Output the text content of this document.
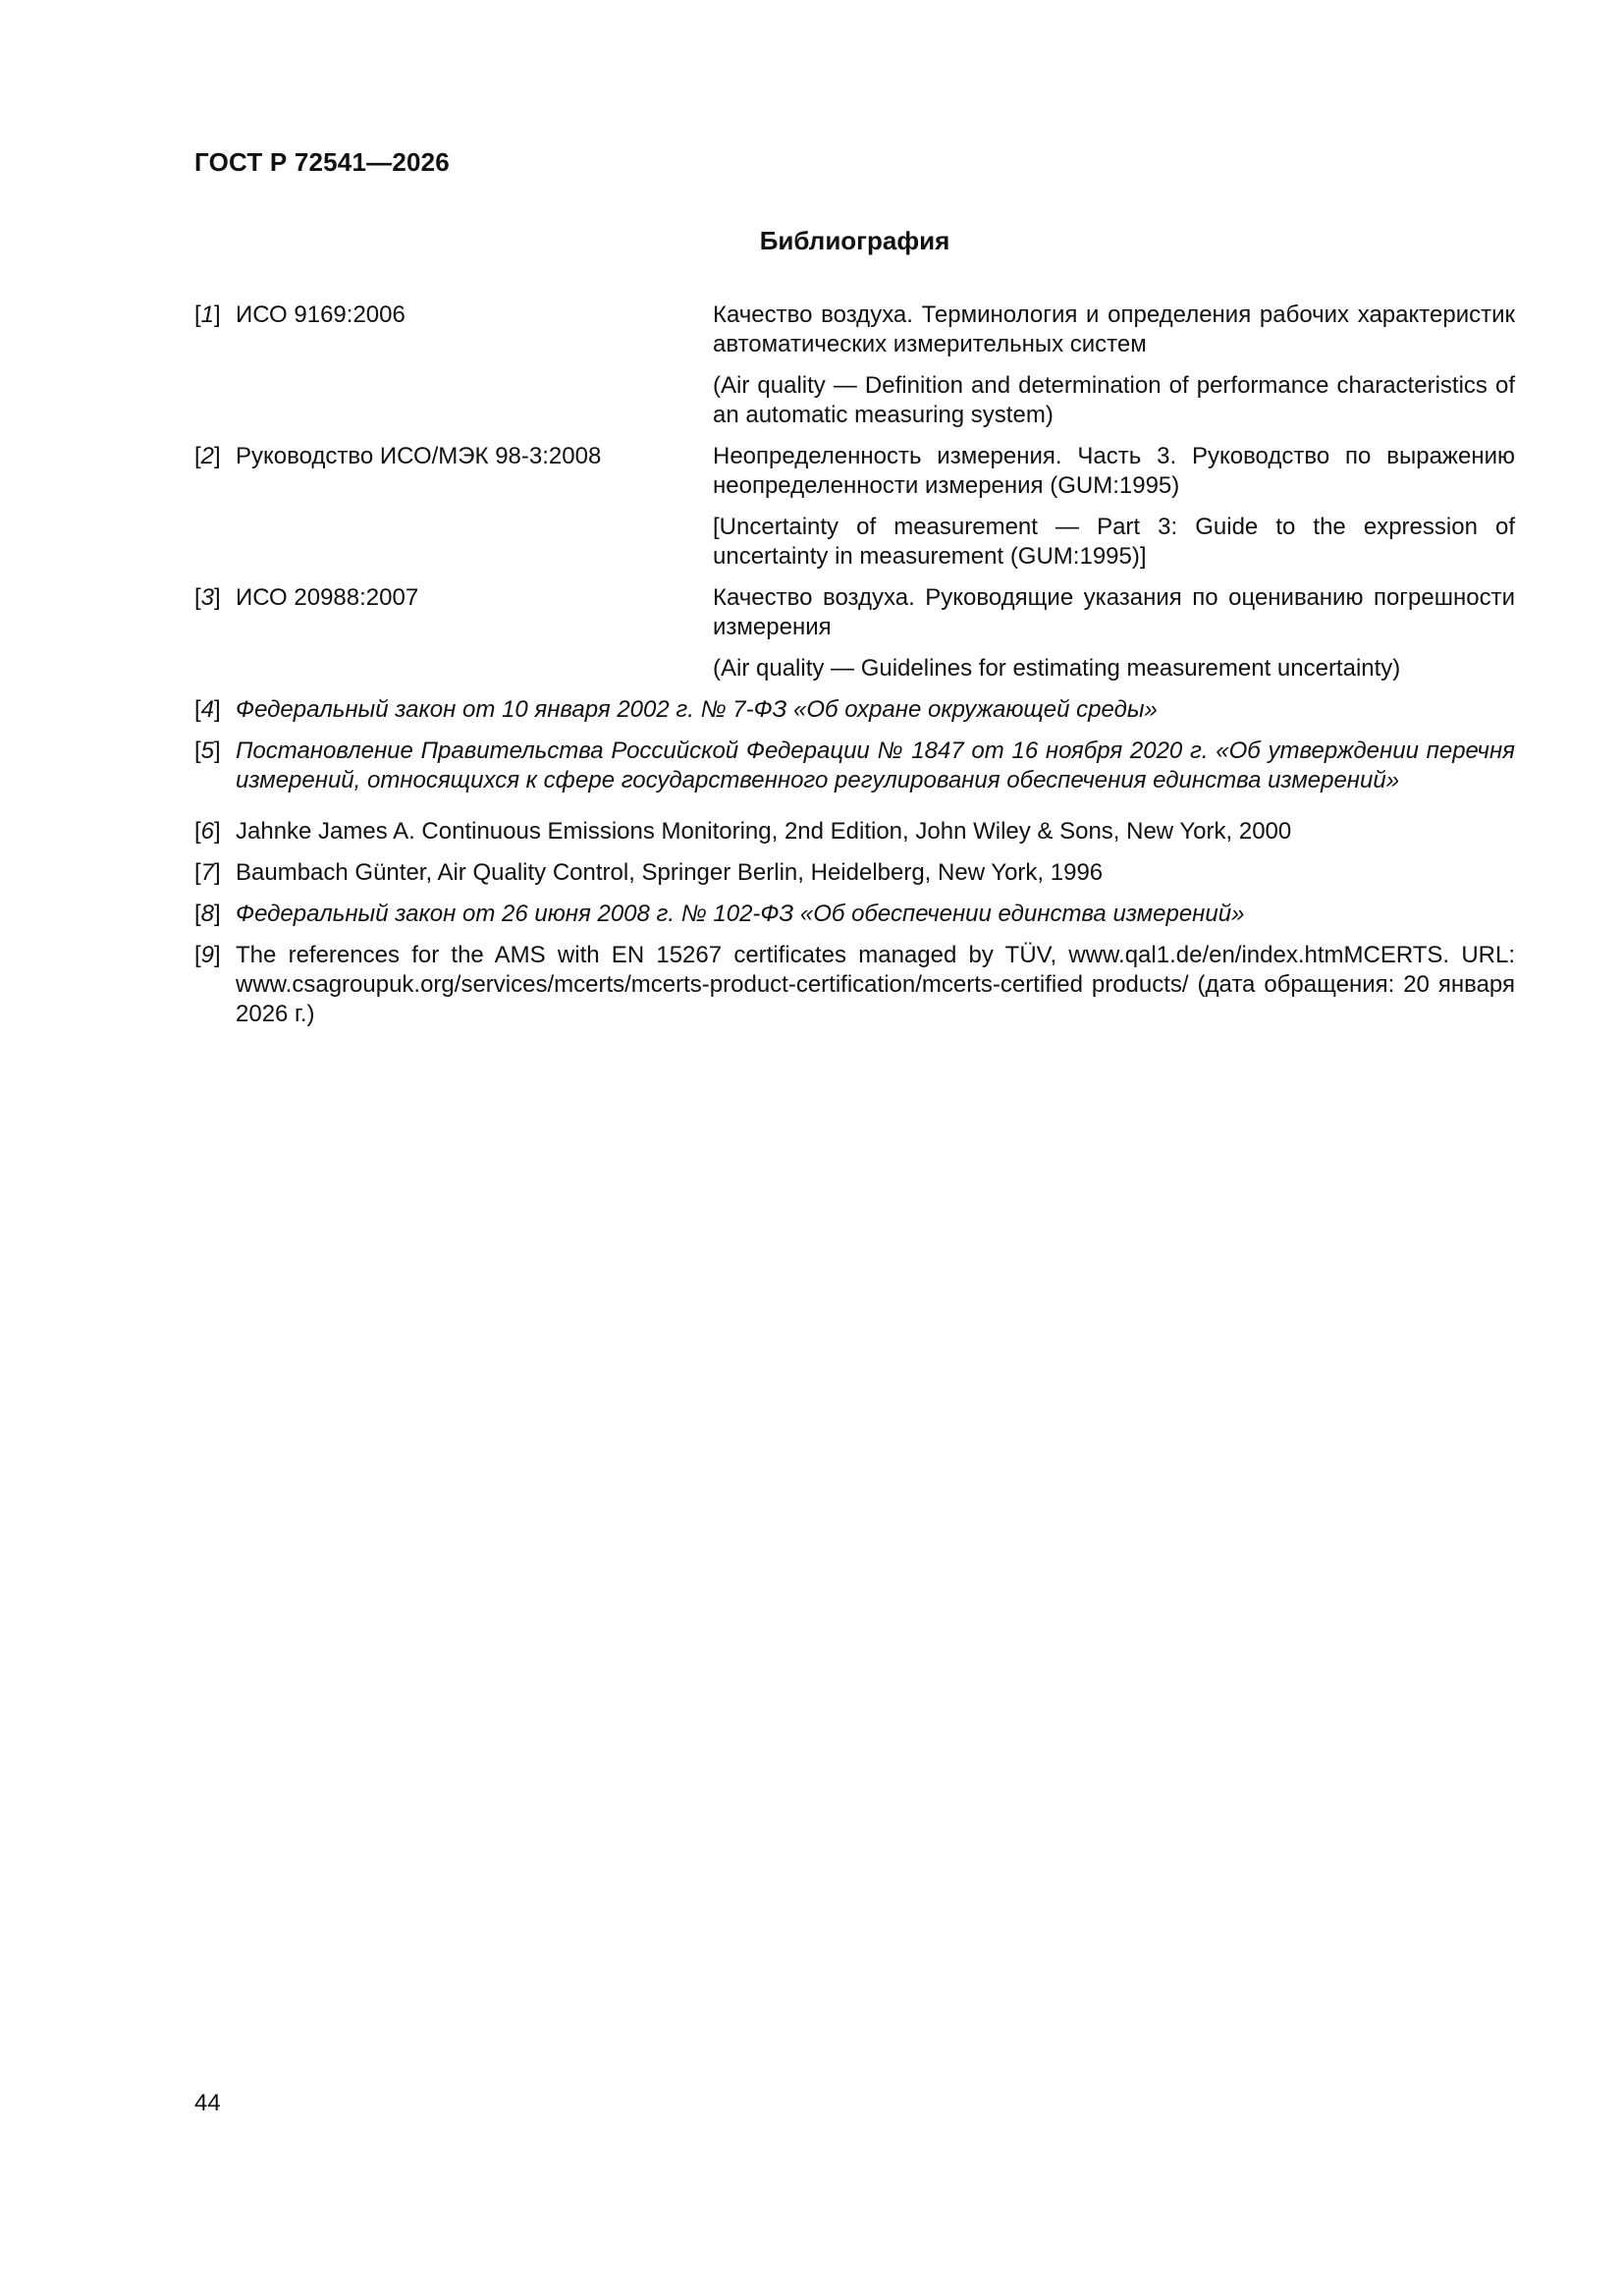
ГОСТ Р 72541—2026
Библиография
[1] ИСО 9169:2006	Качество воздуха. Терминология и определения рабочих характеристик автоматических измерительных систем

(Air quality — Definition and determination of performance characteristics of an automatic measuring system)

[2] Руководство ИСО/МЭК 98-3:2008	Неопределенность измерения. Часть 3. Руководство по выражению неопределенности измерения (GUM:1995)

[Uncertainty of measurement — Part 3: Guide to the expression of uncertainty in measurement (GUM:1995)]

[3] ИСО 20988:2007	Качество воздуха. Руководящие указания по оцениванию погрешности измерения

(Air quality — Guidelines for estimating measurement uncertainty)

[4] Федеральный закон от 10 января 2002 г. № 7-ФЗ «Об охране окружающей среды»
[5] Постановление Правительства Российской Федерации № 1847 от 16 ноября 2020 г. «Об утверждении перечня измерений, относящихся к сфере государственного регулирования обеспечения единства измерений»
[6] Jahnke James A. Continuous Emissions Monitoring, 2nd Edition, John Wiley & Sons, New York, 2000
[7] Baumbach Günter, Air Quality Control, Springer Berlin, Heidelberg, New York, 1996
[8] Федеральный закон от 26 июня 2008 г. № 102-ФЗ «Об обеспечении единства измерений»
[9] The references for the AMS with EN 15267 certificates managed by TÜV, www.qal1.de/en/index.htmMCERTS. URL: www.csagroupuk.org/services/mcerts/mcerts-product-certification/mcerts-certified products/ (дата обращения: 20 января 2026 г.)
44
